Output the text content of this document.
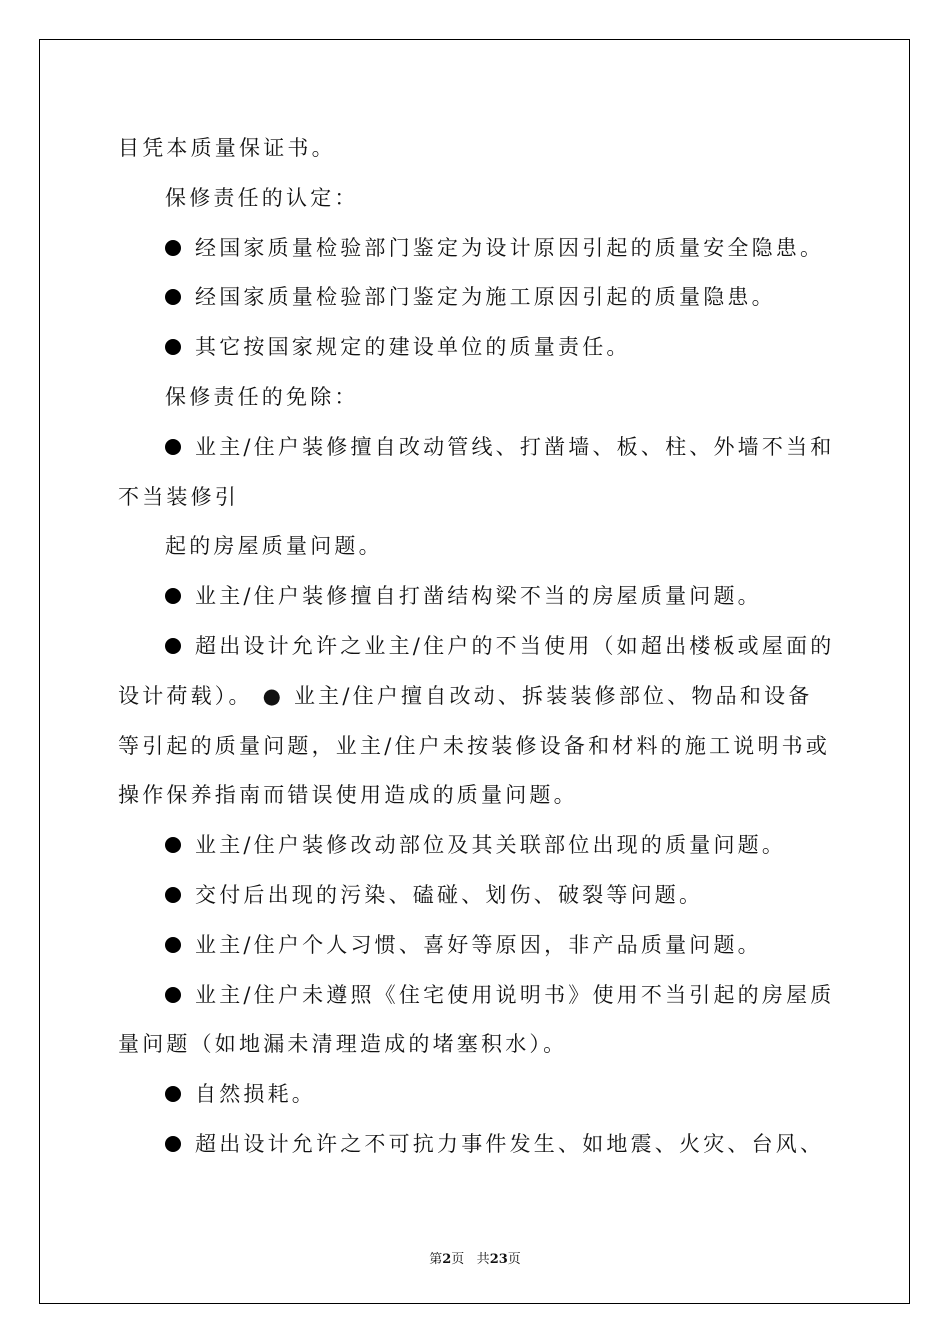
目凭本质量保证书。
保修责任的认定：
经国家质量检验部门鉴定为设计原因引起的质量安全隐患。
经国家质量检验部门鉴定为施工原因引起的质量隐患。
其它按国家规定的建设单位的质量责任。
保修责任的免除：
业主/住户装修擅自改动管线、打凿墙、板、柱、外墙不当和
不当装修引
起的房屋质量问题。
业主/住户装修擅自打凿结构梁不当的房屋质量问题。
超出设计允许之业主/住户的不当使用（如超出楼板或屋面的
设计荷载）。 ● 业主/住户擅自改动、拆装装修部位、物品和设备
等引起的质量问题，业主/住户未按装修设备和材料的施工说明书或
操作保养指南而错误使用造成的质量问题。
业主/住户装修改动部位及其关联部位出现的质量问题。
交付后出现的污染、磕碰、划伤、破裂等问题。
业主/住户个人习惯、喜好等原因，非产品质量问题。
业主/住户未遵照《住宅使用说明书》使用不当引起的房屋质
量问题（如地漏未清理造成的堵塞积水）。
自然损耗。
超出设计允许之不可抗力事件发生、如地震、火灾、台风、
第2页 共23页
